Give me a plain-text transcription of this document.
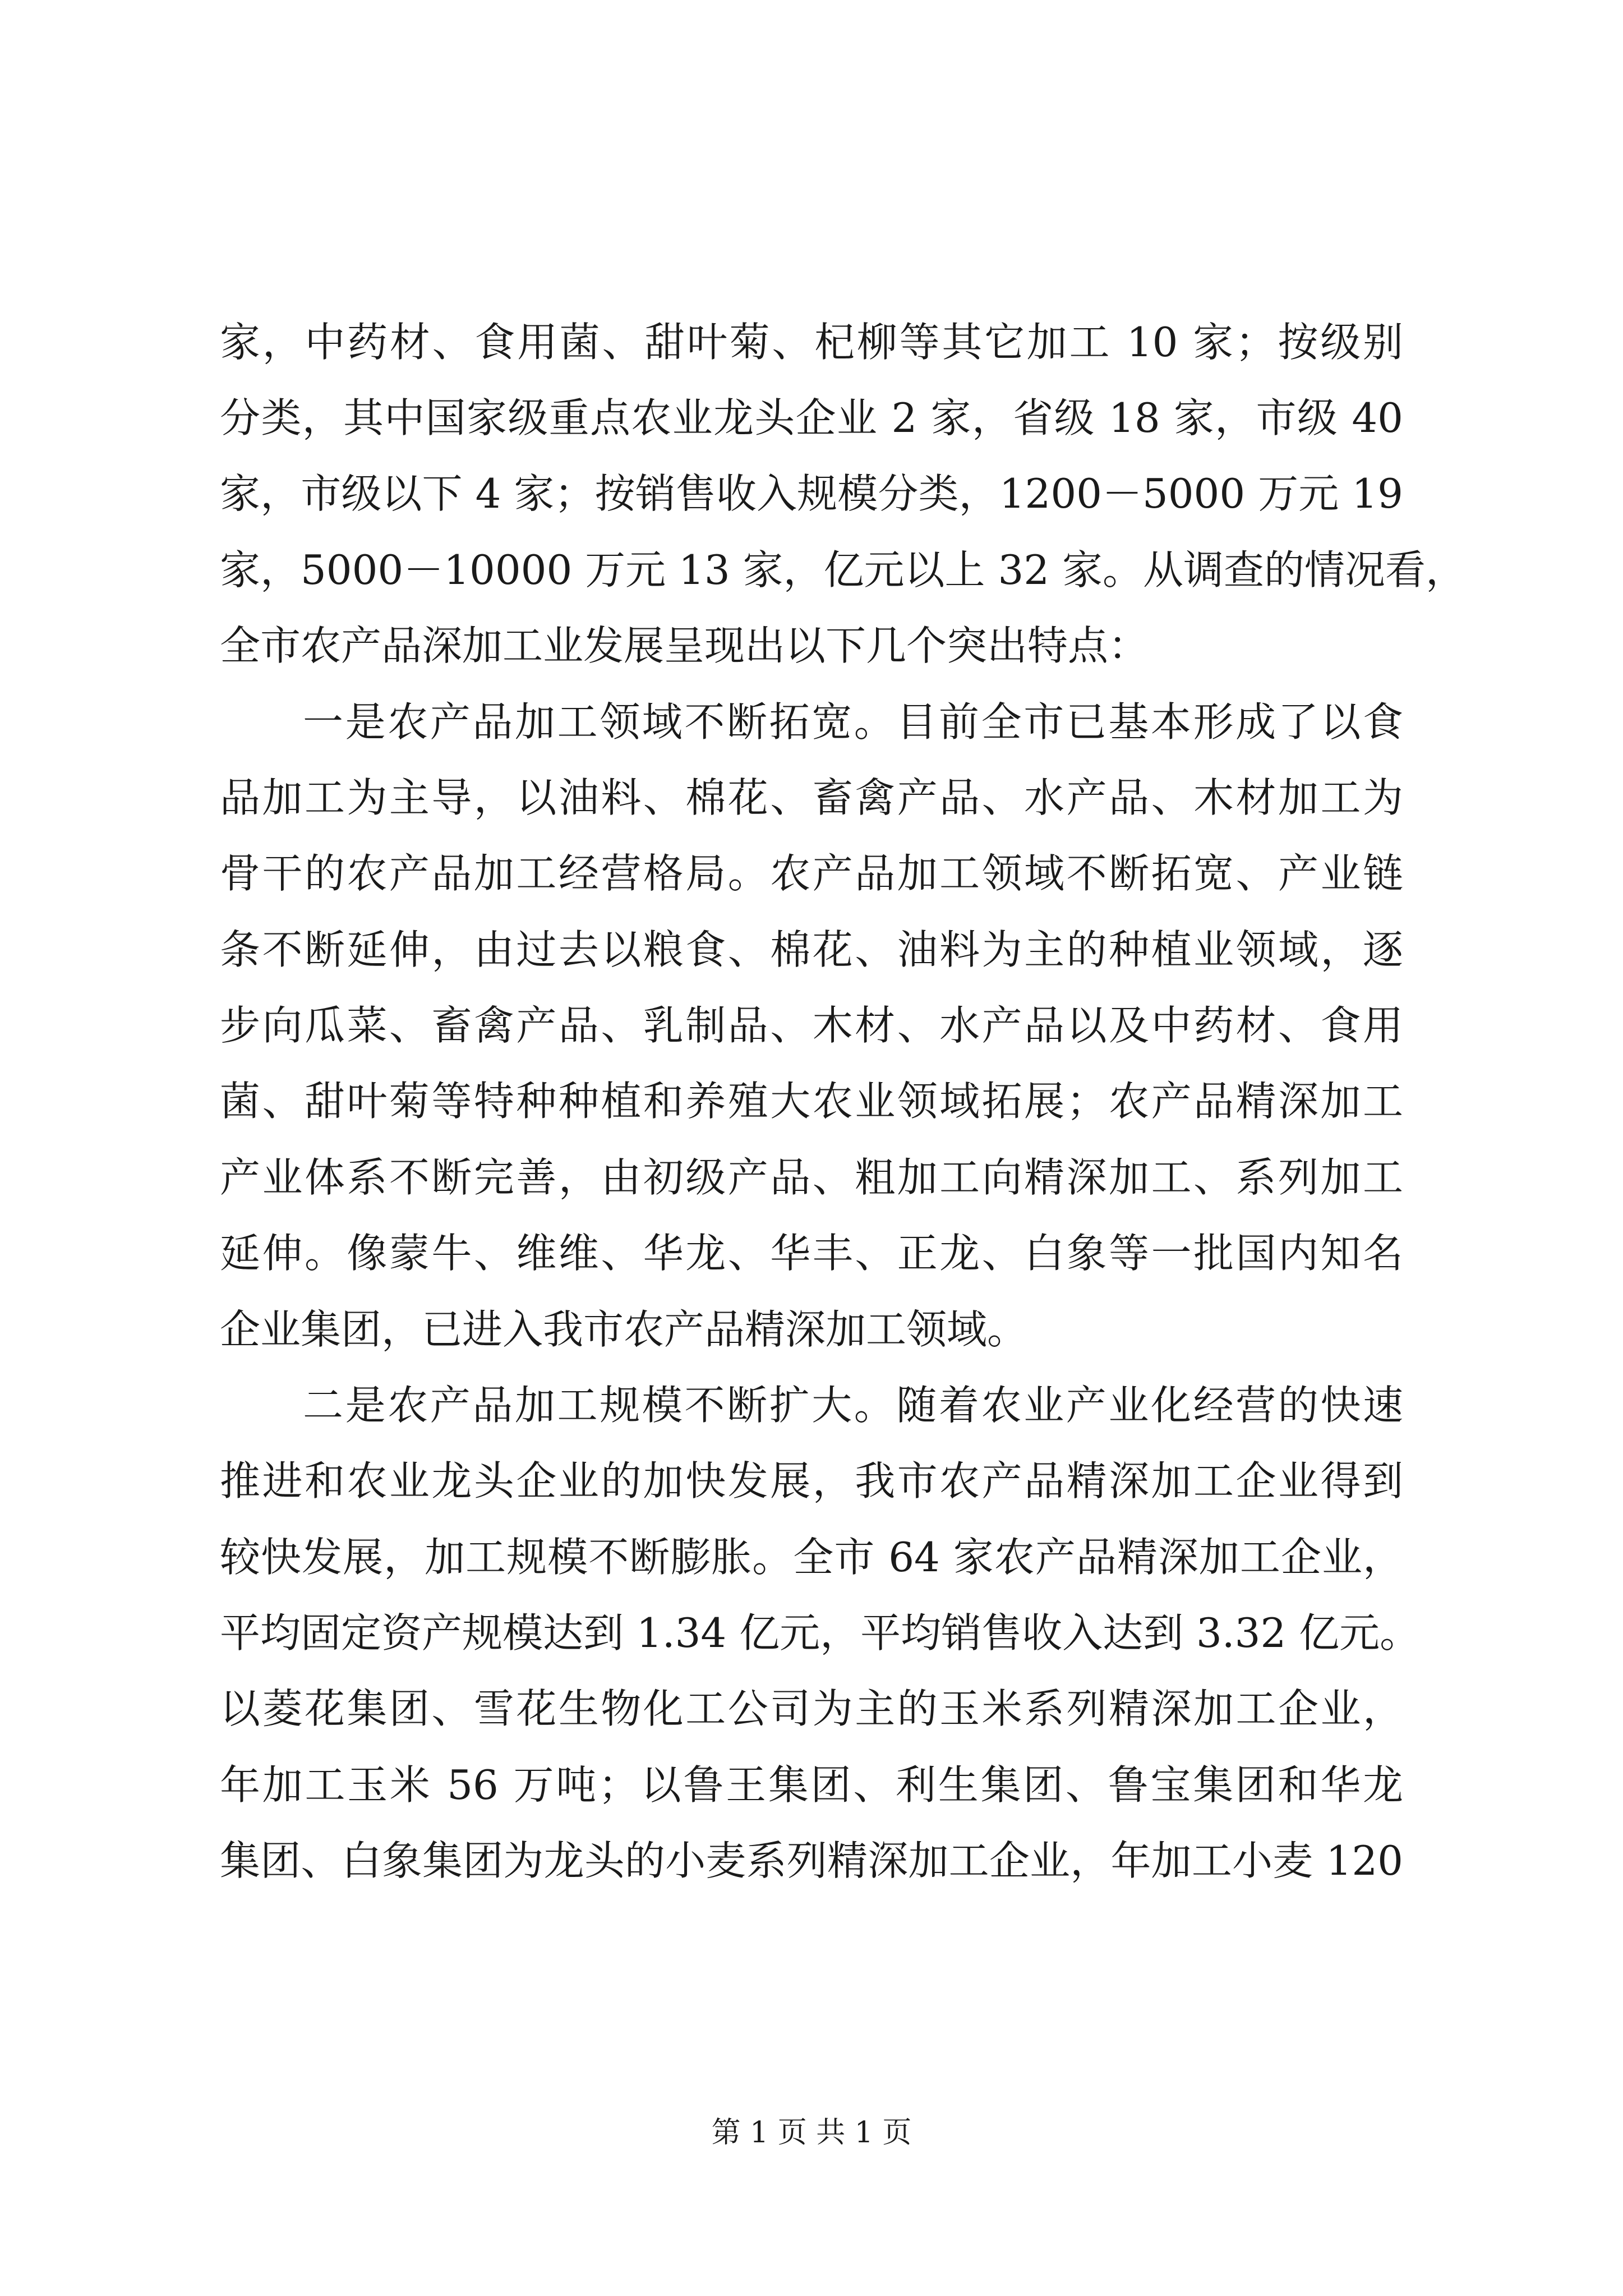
家，中药材、食用菌、甜叶菊、杞柳等其它加工 10 家；按级别
分类，其中国家级重点农业龙头企业 2 家，省级 18 家，市级 40
家，市级以下 4 家；按销售收入规模分类，1200－5000 万元 19
家，5000－10000 万元 13 家，亿元以上 32 家。从调查的情况看，
全市农产品深加工业发展呈现出以下几个突出特点：
一是农产品加工领域不断拓宽。目前全市已基本形成了以食
品加工为主导，以油料、棉花、畜禽产品、水产品、木材加工为
骨干的农产品加工经营格局。农产品加工领域不断拓宽、产业链
条不断延伸，由过去以粮食、棉花、油料为主的种植业领域，逐
步向瓜菜、畜禽产品、乳制品、木材、水产品以及中药材、食用
菌、甜叶菊等特种种植和养殖大农业领域拓展；农产品精深加工
产业体系不断完善，由初级产品、粗加工向精深加工、系列加工
延伸。像蒙牛、维维、华龙、华丰、正龙、白象等一批国内知名
企业集团，已进入我市农产品精深加工领域。
二是农产品加工规模不断扩大。随着农业产业化经营的快速
推进和农业龙头企业的加快发展，我市农产品精深加工企业得到
较快发展，加工规模不断膨胀。全市 64 家农产品精深加工企业，
平均固定资产规模达到 1.34 亿元，平均销售收入达到 3.32 亿元。
以菱花集团、雪花生物化工公司为主的玉米系列精深加工企业，
年加工玉米 56 万吨；以鲁王集团、利生集团、鲁宝集团和华龙
集团、白象集团为龙头的小麦系列精深加工企业，年加工小麦 120
第 1 页 共 1 页
